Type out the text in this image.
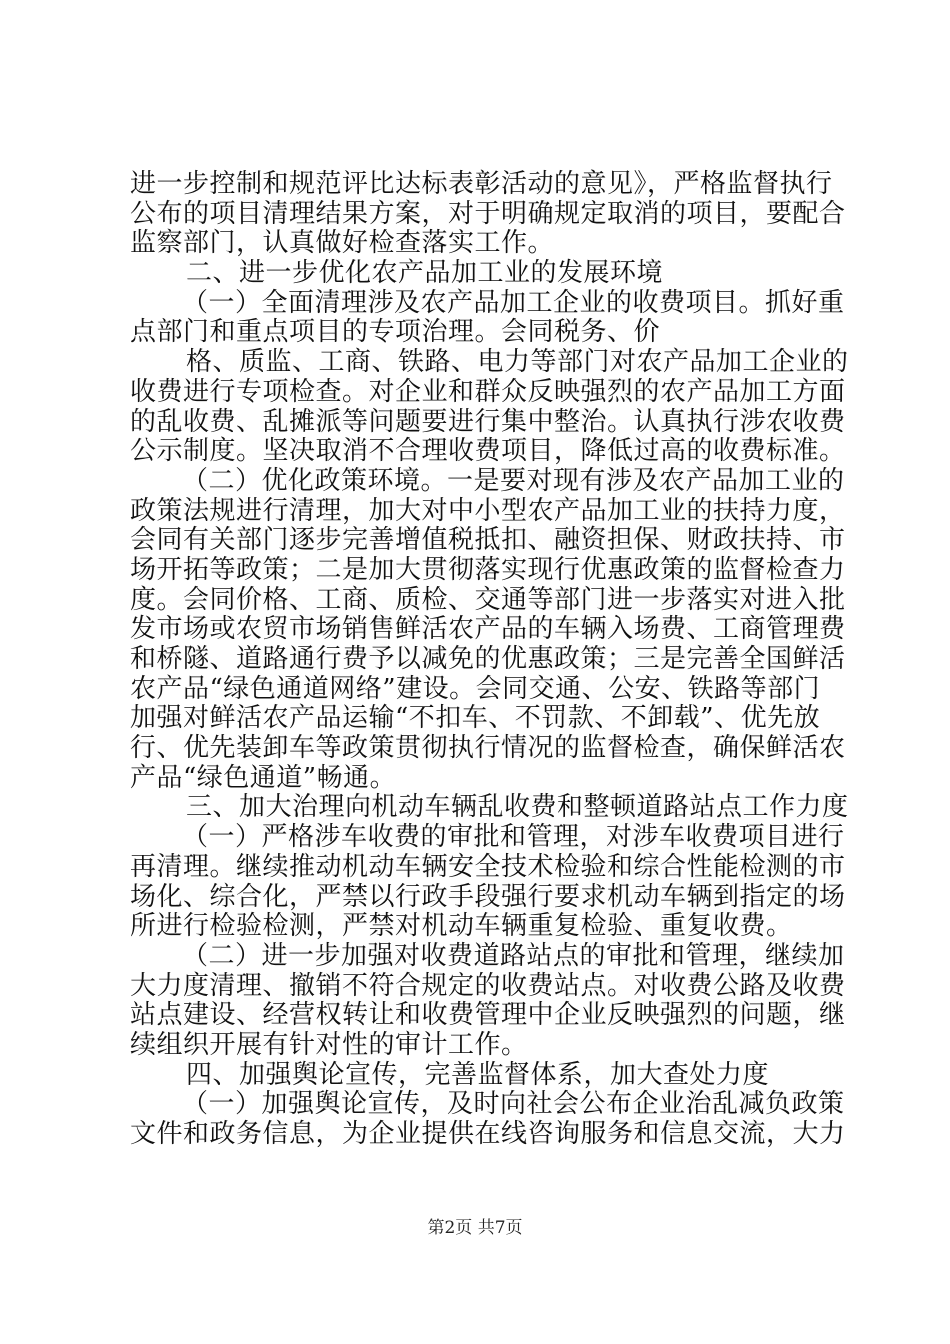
进一步控制和规范评比达标表彰活动的意见》，严格监督执行
公布的项目清理结果方案，对于明确规定取消的项目，要配合
监察部门，认真做好检查落实工作。
二、进一步优化农产品加工业的发展环境
（一）全面清理涉及农产品加工企业的收费项目。抓好重
点部门和重点项目的专项治理。会同税务、价
格、质监、工商、铁路、电力等部门对农产品加工企业的
收费进行专项检查。对企业和群众反映强烈的农产品加工方面
的乱收费、乱摊派等问题要进行集中整治。认真执行涉农收费
公示制度。坚决取消不合理收费项目，降低过高的收费标准。
（二）优化政策环境。一是要对现有涉及农产品加工业的
政策法规进行清理，加大对中小型农产品加工业的扶持力度，
会同有关部门逐步完善增值税抵扣、融资担保、财政扶持、市
场开拓等政策；二是加大贯彻落实现行优惠政策的监督检查力
度。会同价格、工商、质检、交通等部门进一步落实对进入批
发市场或农贸市场销售鲜活农产品的车辆入场费、工商管理费
和桥隧、道路通行费予以减免的优惠政策；三是完善全国鲜活
农产品“绿色通道网络”建设。会同交通、公安、铁路等部门
加强对鲜活农产品运输“不扣车、不罚款、不卸载”、优先放
行、优先装卸车等政策贯彻执行情况的监督检查，确保鲜活农
产品“绿色通道”畅通。
三、加大治理向机动车辆乱收费和整顿道路站点工作力度
（一）严格涉车收费的审批和管理，对涉车收费项目进行
再清理。继续推动机动车辆安全技术检验和综合性能检测的市
场化、综合化，严禁以行政手段强行要求机动车辆到指定的场
所进行检验检测，严禁对机动车辆重复检验、重复收费。
（二）进一步加强对收费道路站点的审批和管理，继续加
大力度清理、撤销不符合规定的收费站点。对收费公路及收费
站点建设、经营权转让和收费管理中企业反映强烈的问题，继
续组织开展有针对性的审计工作。
四、加强舆论宣传，完善监督体系，加大查处力度
（一）加强舆论宣传，及时向社会公布企业治乱减负政策
文件和政务信息，为企业提供在线咨询服务和信息交流，大力
第2页 共7页
